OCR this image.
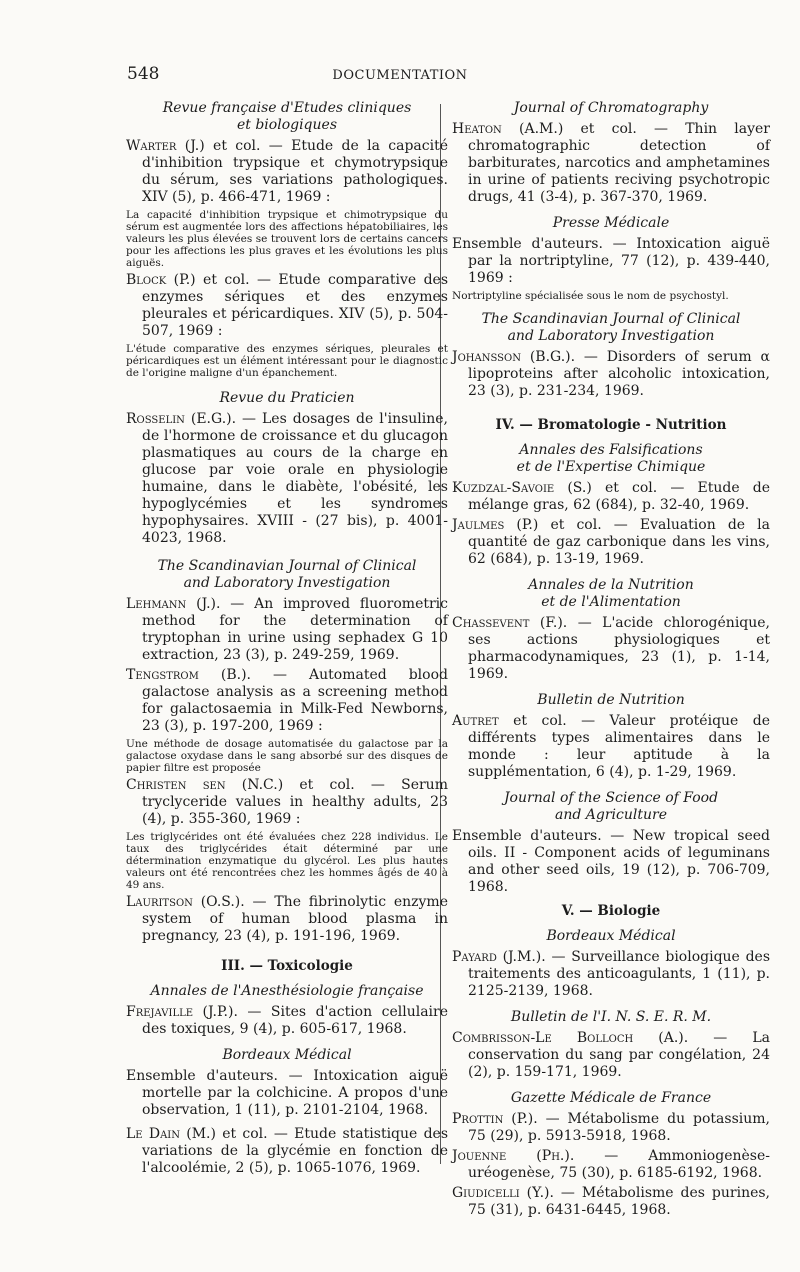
548	DOCUMENTATION
Revue française d'Etudes cliniques
et biologiques
Warter (J.) et col. — Etude de la capacité d'inhibition trypsique et chymotrypsique du sérum, ses variations pathologiques. XIV (5), p. 466-471, 1969 :
La capacité d'inhibition trypsique et chimotrypsique du sérum est augmentée lors des affections hépatobiliaires, les valeurs les plus élevées se trouvent lors de certains cancers pour les affections les plus graves et les évolutions les plus aiguës.
Block (P.) et col. — Etude comparative des enzymes sériques et des enzymes pleurales et péricardiques. XIV (5), p. 504-507, 1969 :
L'étude comparative des enzymes sériques, pleurales et péricardiques est un élément intéressant pour le diagnostic de l'origine maligne d'un épanchement.
Revue du Praticien
Rosselin (E.G.). — Les dosages de l'insuline, de l'hormone de croissance et du glucagon plasmatiques au cours de la charge en glucose par voie orale en physiologie humaine, dans le diabète, l'obésité, les hypoglycémies et les syndromes hypophysaires. XVIII - (27 bis), p. 4001-4023, 1968.
The Scandinavian Journal of Clinical
and Laboratory Investigation
Lehmann (J.). — An improved fluorometric method for the determination of tryptophan in urine using sephadex G 10 extraction, 23 (3), p. 249-259, 1969.
Tengstrom (B.). — Automated blood galactose analysis as a screening method for galactosaemia in Milk-Fed Newborns, 23 (3), p. 197-200, 1969 :
Une méthode de dosage automatisée du galactose par la galactose oxydase dans le sang absorbé sur des disques de papier filtre est proposée
Christen sen (N.C.) et col. — Serum tryclyceride values in healthy adults, 23 (4), p. 355-360, 1969 :
Les triglycérides ont été évaluées chez 228 individus. Le taux des triglycérides était déterminé par une détermination enzymatique du glycérol. Les plus hautes valeurs ont été rencontrées chez les hommes âgés de 40 à 49 ans.
Lauritson (O.S.). — The fibrinolytic enzyme system of human blood plasma in pregnancy, 23 (4), p. 191-196, 1969.
III. — Toxicologie
Annales de l'Anesthésiologie française
Frejaville (J.P.). — Sites d'action cellulaire des toxiques, 9 (4), p. 605-617, 1968.
Bordeaux Médical
Ensemble d'auteurs. — Intoxication aiguë mortelle par la colchicine. A propos d'une observation, 1 (11), p. 2101-2104, 1968.
Le Dain (M.) et col. — Etude statistique des variations de la glycémie en fonction de l'alcoolémie, 2 (5), p. 1065-1076, 1969.
Journal of Chromatography
Heaton (A.M.) et col. — Thin layer chromatographic detection of barbiturates, narcotics and amphetamines in urine of patients reciving psychotropic drugs, 41 (3-4), p. 367-370, 1969.
Presse Médicale
Ensemble d'auteurs. — Intoxication aiguë par la nortriptyline, 77 (12), p. 439-440, 1969 :
Nortriptyline spécialisée sous le nom de psychostyl.
The Scandinavian Journal of Clinical
and Laboratory Investigation
Johansson (B.G.). — Disorders of serum α lipoproteins after alcoholic intoxication, 23 (3), p. 231-234, 1969.
IV. — Bromatologie - Nutrition
Annales des Falsifications
et de l'Expertise Chimique
Kuzdzal-Savoie (S.) et col. — Etude de mélange gras, 62 (684), p. 32-40, 1969.
Jaulmes (P.) et col. — Evaluation de la quantité de gaz carbonique dans les vins, 62 (684), p. 13-19, 1969.
Annales de la Nutrition
et de l'Alimentation
Chassevent (F.). — L'acide chlorogénique, ses actions physiologiques et pharmacodynamiques, 23 (1), p. 1-14, 1969.
Bulletin de Nutrition
Autret et col. — Valeur protéique de différents types alimentaires dans le monde : leur aptitude à la supplémentation, 6 (4), p. 1-29, 1969.
Journal of the Science of Food
and Agriculture
Ensemble d'auteurs. — New tropical seed oils. II - Component acids of leguminans and other seed oils, 19 (12), p. 706-709, 1968.
V. — Biologie
Bordeaux Médical
Payard (J.M.). — Surveillance biologique des traitements des anticoagulants, 1 (11), p. 2125-2139, 1968.
Bulletin de l'I. N. S. E. R. M.
Combrisson-Le Bolloch (A.). — La conservation du sang par congélation, 24 (2), p. 159-171, 1969.
Gazette Médicale de France
Prottin (P.). — Métabolisme du potassium, 75 (29), p. 5913-5918, 1968.
Jouenne (Ph.). — Ammoniogenèse-uréogenèse, 75 (30), p. 6185-6192, 1968.
Giudicelli (Y.). — Métabolisme des purines, 75 (31), p. 6431-6445, 1968.
